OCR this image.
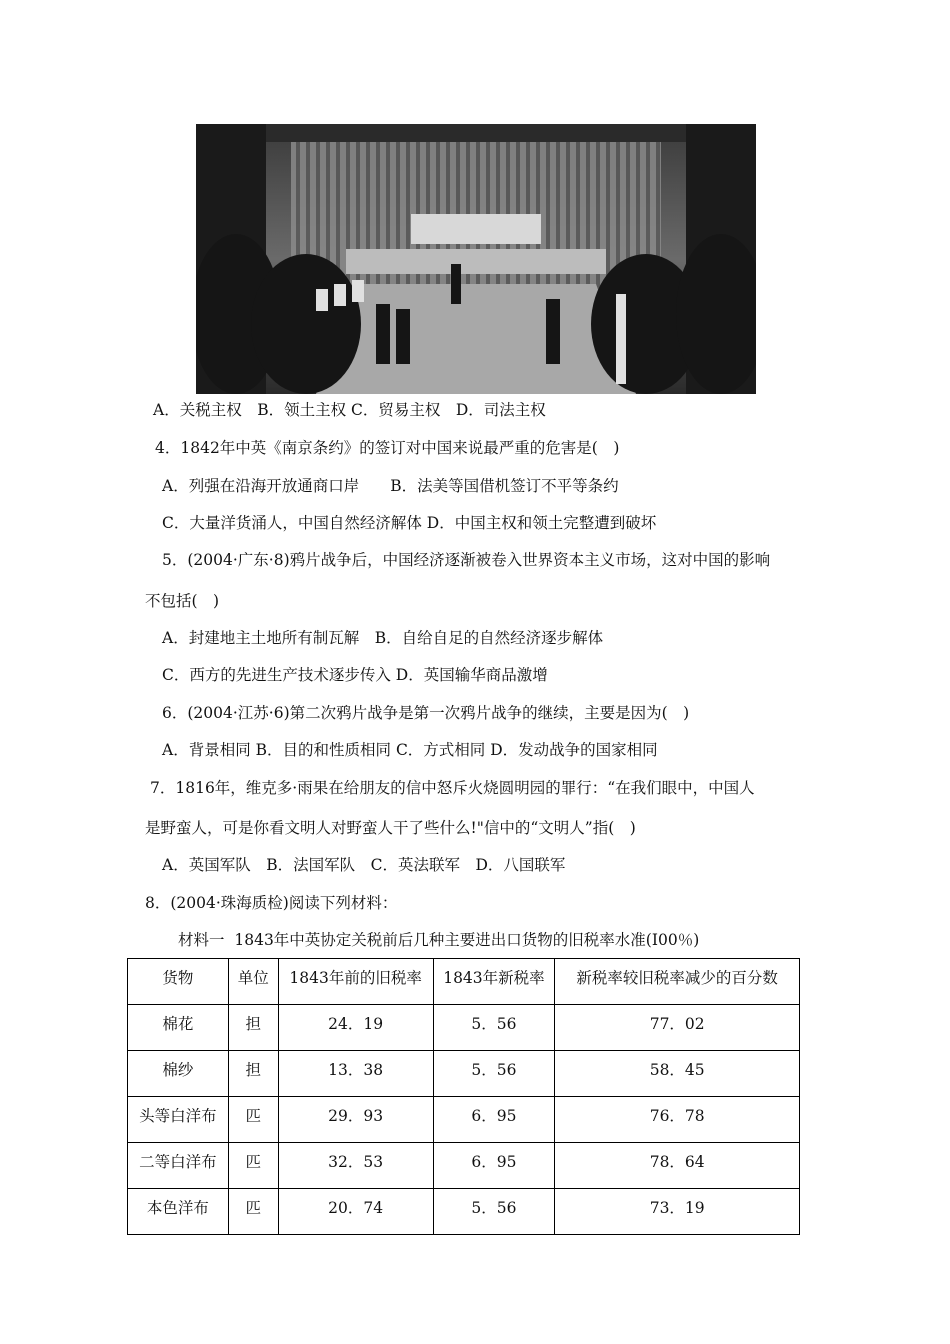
A．关税主权　B．领土主权 C．贸易主权　D．司法主权
4．1842年中英《南京条约》的签订对中国来说最严重的危害是(　)
A．列强在沿海开放通商口岸　　B．法美等国借机签订不平等条约
C．大量洋货涌人，中国自然经济解体 D．中国主权和领土完整遭到破坏
5．(2004·广东·8)鸦片战争后，中国经济逐渐被卷入世界资本主义市场，这对中国的影响
不包括(　)
A．封建地主土地所有制瓦解　B．自给自足的自然经济逐步解体
C．西方的先进生产技术逐步传入 D．英国输华商品激增
6．(2004·江苏·6)第二次鸦片战争是第一次鸦片战争的继续，主要是因为(　)
A．背景相同 B．目的和性质相同 C．方式相同 D．发动战争的国家相同
7．1816年，维克多·雨果在给朋友的信中怒斥火烧圆明园的罪行：“在我们眼中，中国人
是野蛮人，可是你看文明人对野蛮人干了些什么!"信中的“文明人”指(　)
A．英国军队　B．法国军队　C．英法联军　D．八国联军
8．(2004·珠海质检)阅读下列材料：
材料一  1843年中英协定关税前后几种主要进出口货物的旧税率水准(I00％)
货物	单位	1843年前的旧税率	1843年新税率	新税率较旧税率减少的百分数
棉花	担	24．19	5．56	77．02
棉纱	担	13．38	5．56	58．45
头等白洋布	匹	29．93	6．95	76．78
二等白洋布	匹	32．53	6．95	78．64
本色洋布	匹	20．74	5．56	73．19
